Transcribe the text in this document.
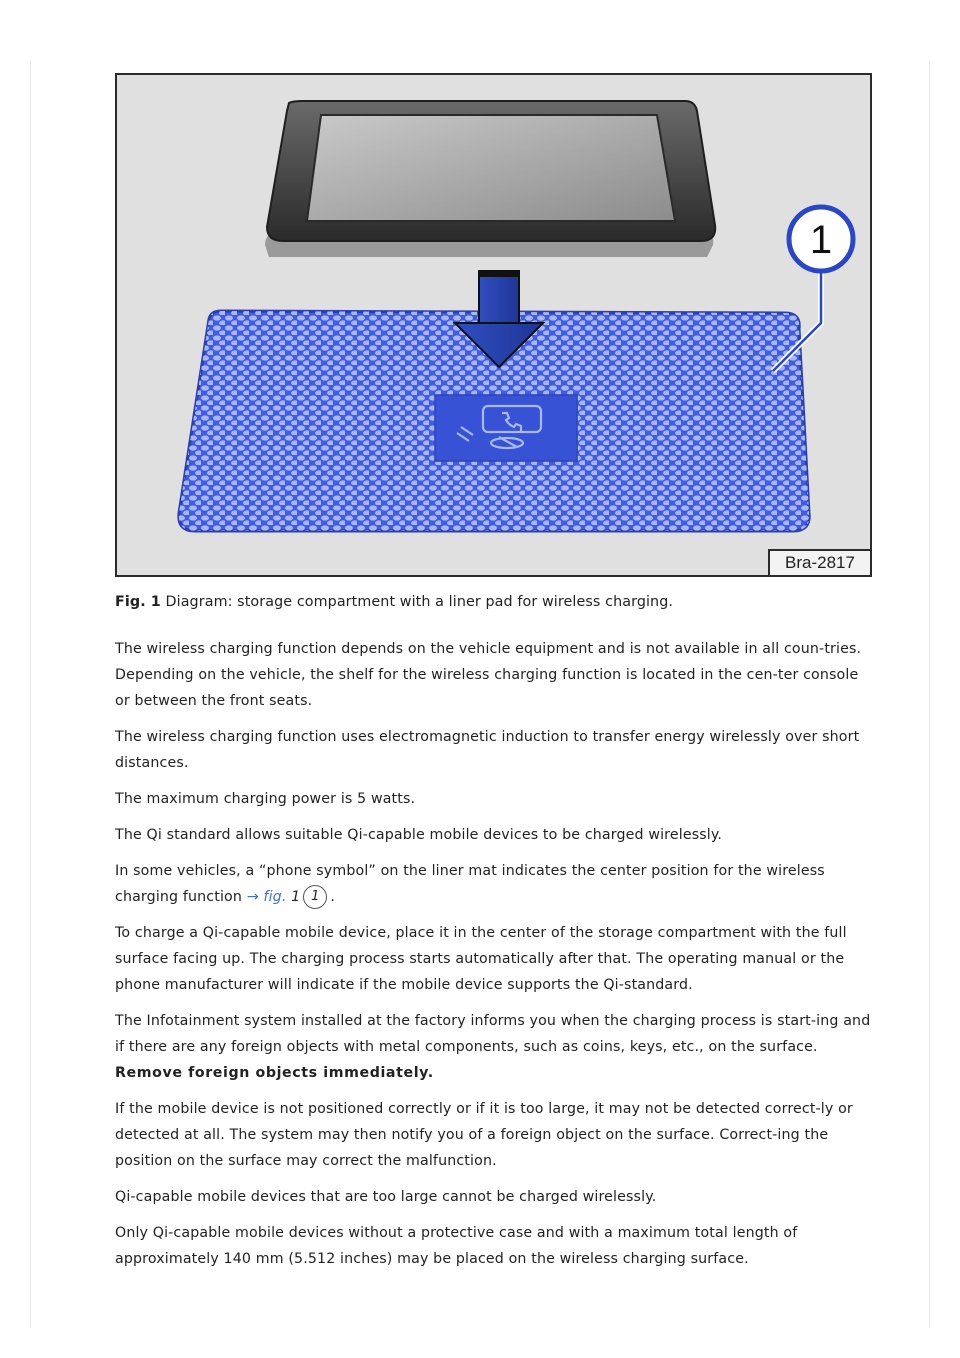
1
Bra-2817
Fig. 1 Diagram: storage compartment with a liner pad for wireless charging.

The wireless charging function depends on the vehicle equipment and is not available in all coun-tries. Depending on the vehicle, the shelf for the wireless charging function is located in the cen-ter console or between the front seats.

The wireless charging function uses electromagnetic induction to transfer energy wirelessly over short distances.

The maximum charging power is 5 watts.

The Qi standard allows suitable Qi-capable mobile devices to be charged wirelessly.

In some vehicles, a “phone symbol” on the liner mat indicates the center position for the wireless charging function → fig. 1 1 .

To charge a Qi-capable mobile device, place it in the center of the storage compartment with the full surface facing up. The charging process starts automatically after that. The operating manual or the phone manufacturer will indicate if the mobile device supports the Qi-standard.

The Infotainment system installed at the factory informs you when the charging process is start-ing and if there are any foreign objects with metal components, such as coins, keys, etc., on the surface. Remove foreign objects immediately.

If the mobile device is not positioned correctly or if it is too large, it may not be detected correct-ly or detected at all. The system may then notify you of a foreign object on the surface. Correct-ing the position on the surface may correct the malfunction.

Qi-capable mobile devices that are too large cannot be charged wirelessly.

Only Qi-capable mobile devices without a protective case and with a maximum total length of approximately 140 mm (5.512 inches) may be placed on the wireless charging surface.
